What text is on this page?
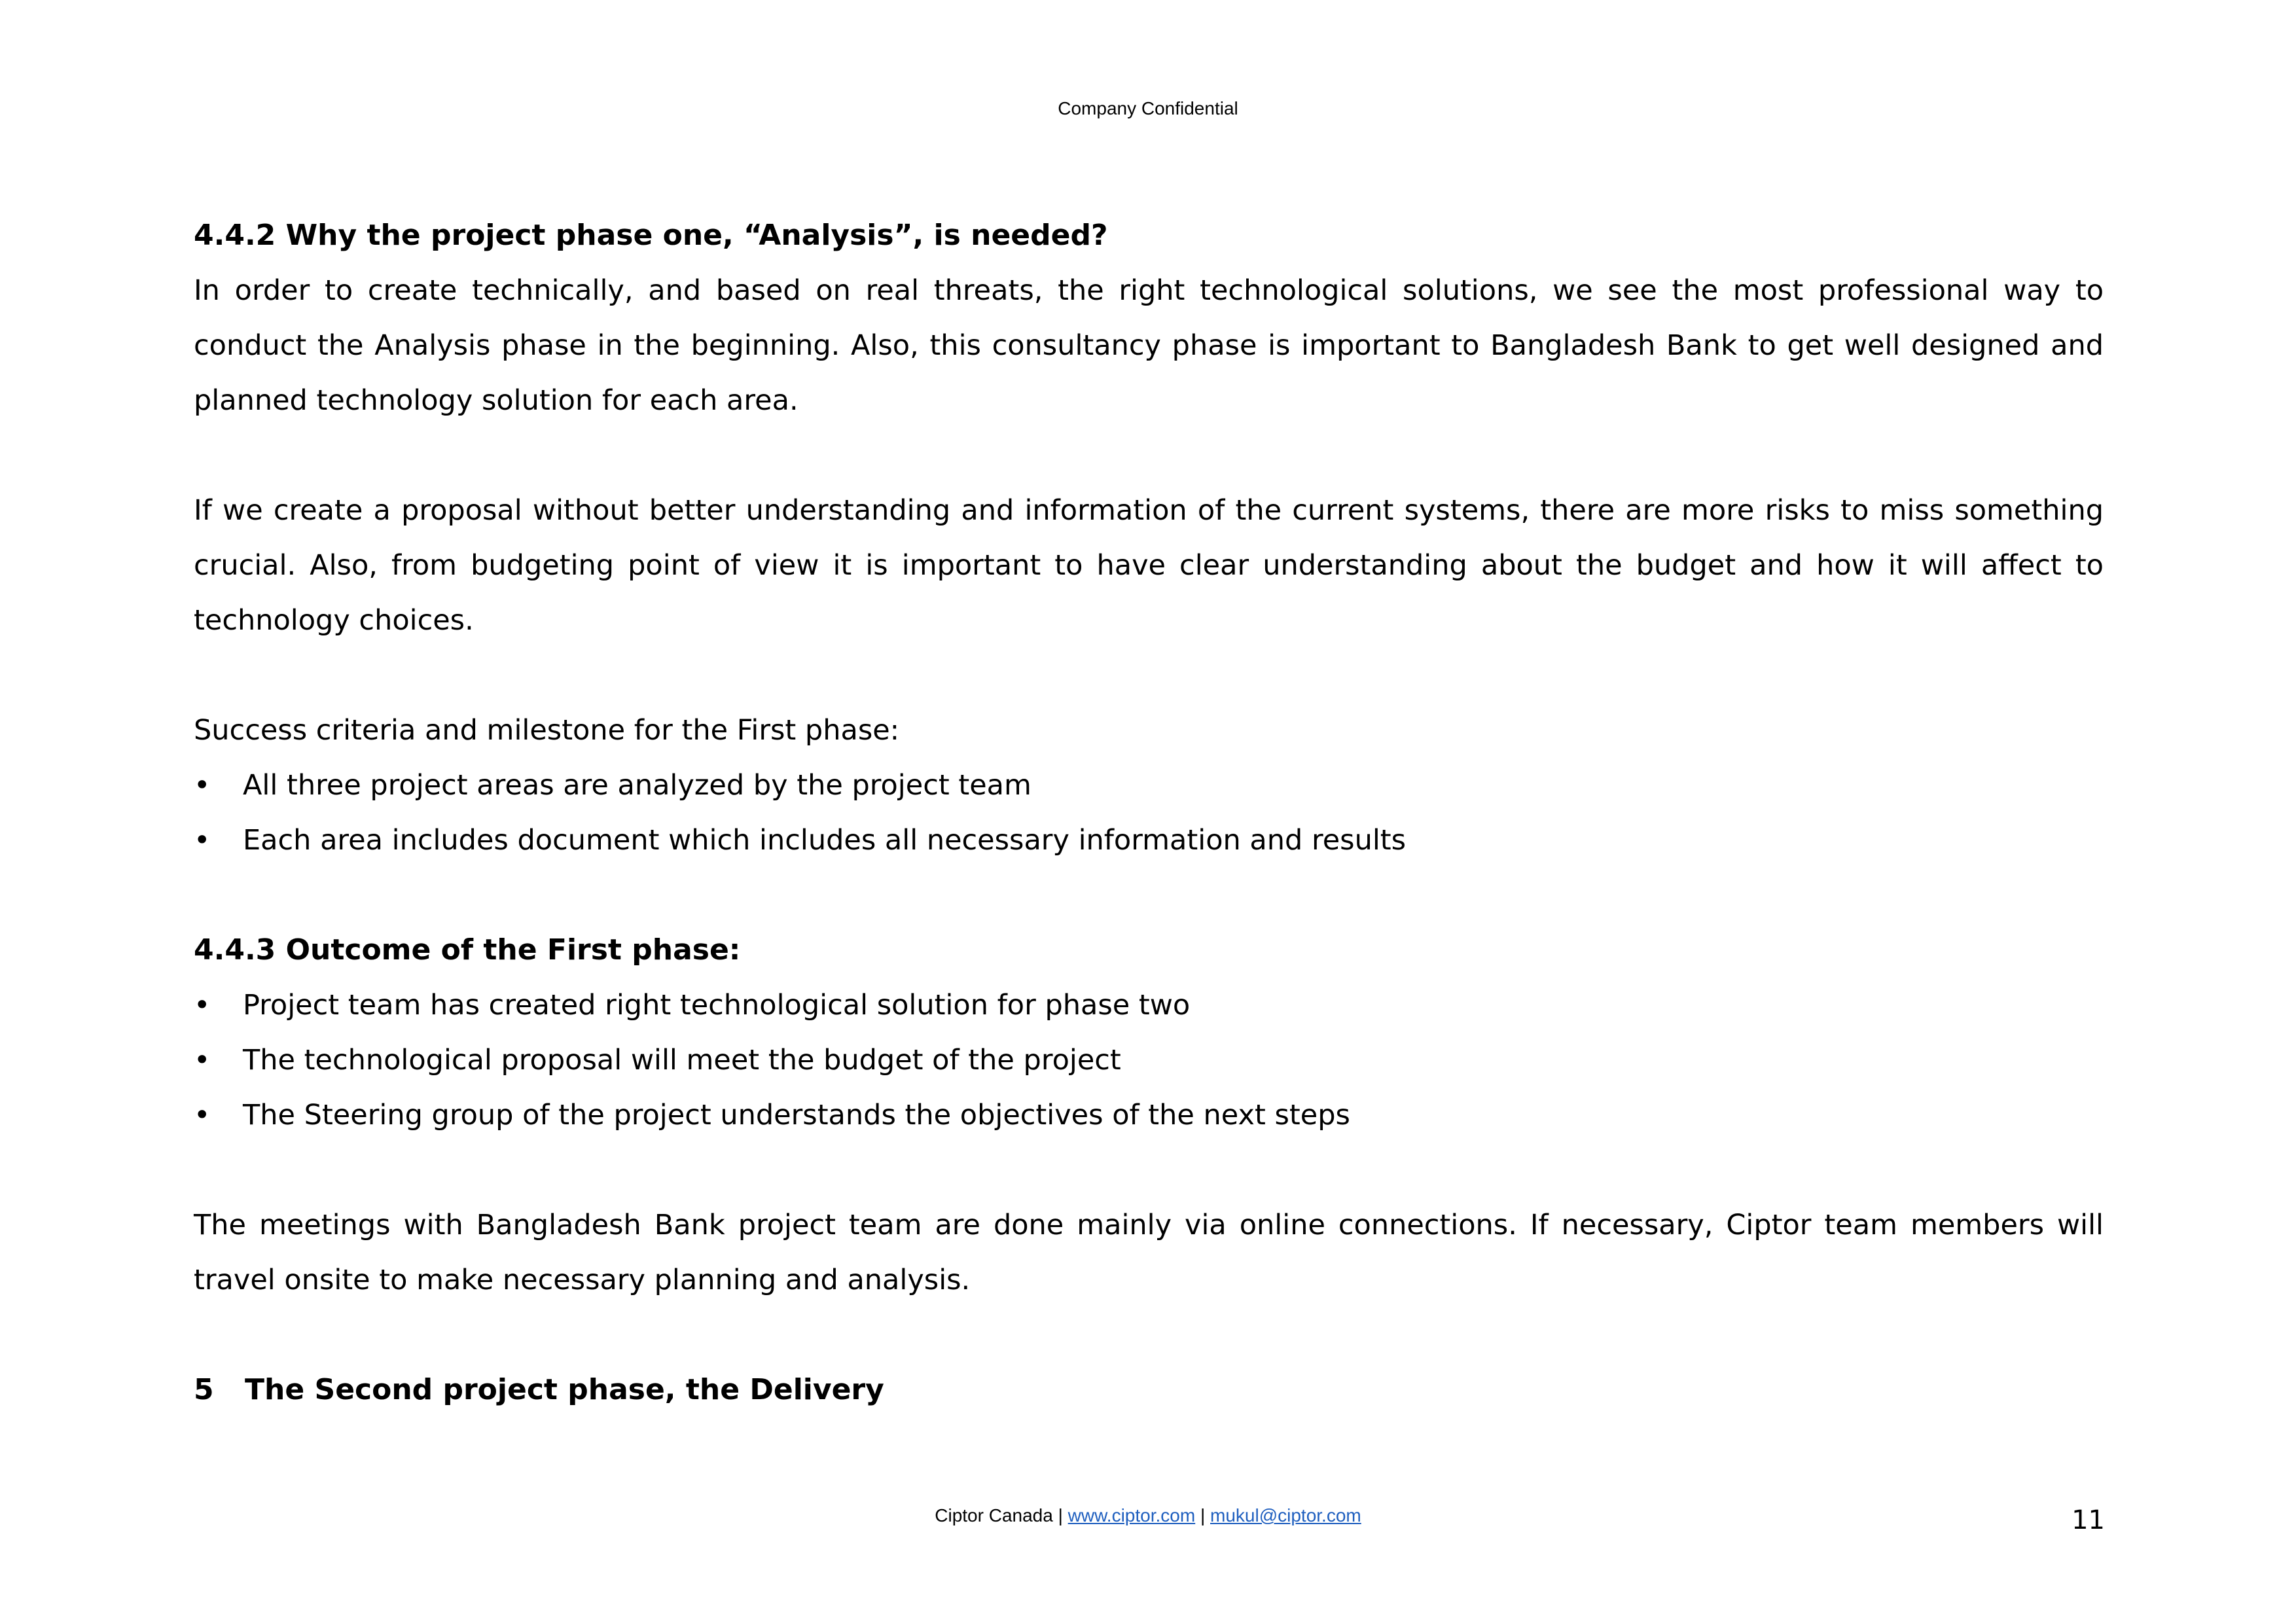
Company Confidential

4.4.2 Why the project phase one, “Analysis”, is needed?

In order to create technically, and based on real threats, the right technological solutions, we see the most professional way to conduct the Analysis phase in the beginning. Also, this consultancy phase is important to Bangladesh Bank to get well designed and planned technology solution for each area.

If we create a proposal without better understanding and information of the current systems, there are more risks to miss something crucial. Also, from budgeting point of view it is important to have clear understanding about the budget and how it will affect to technology choices.

Success criteria and milestone for the First phase:

• All three project areas are analyzed by the project team
• Each area includes document which includes all necessary information and results

4.4.3 Outcome of the First phase:

• Project team has created right technological solution for phase two
• The technological proposal will meet the budget of the project
• The Steering group of the project understands the objectives of the next steps

The meetings with Bangladesh Bank project team are done mainly via online connections. If necessary, Ciptor team members will travel onsite to make necessary planning and analysis.

5	The Second project phase, the Delivery
Ciptor Canada | www.ciptor.com | mukul@ciptor.com	11
